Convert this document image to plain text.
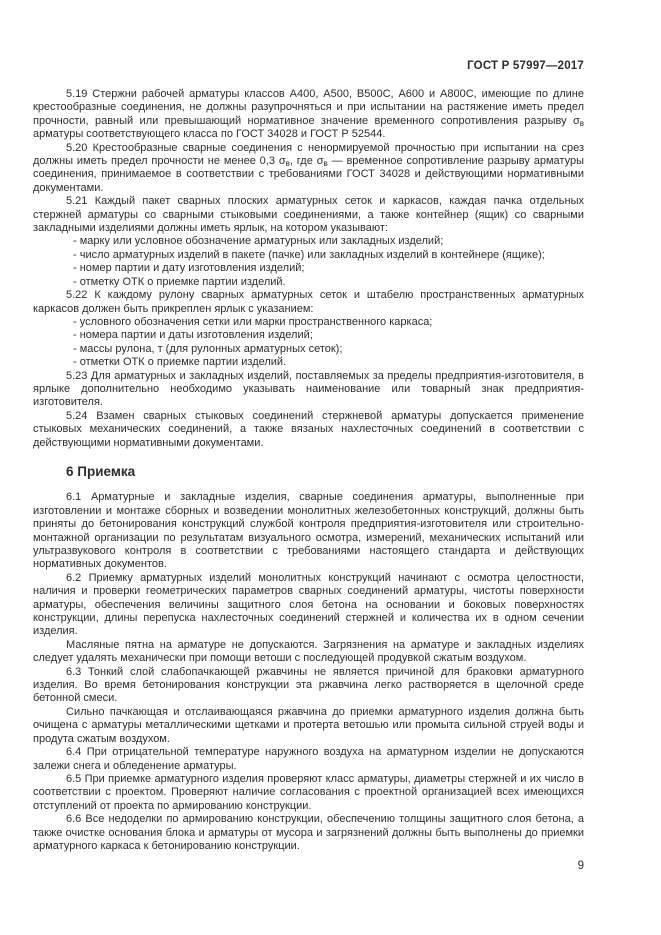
ГОСТ Р 57997—2017

5.19 Стержни рабочей арматуры классов А400, А500, В500С, А600 и А800С, имеющие по длине крестообразные соединения, не должны разупрочняться и при испытании на растяжение иметь предел прочности, равный или превышающий нормативное значение временного сопротивления разрыву $\sigma_в$ арматуры соответствующего класса по ГОСТ 34028 и ГОСТ Р 52544.

5.20 Крестообразные сварные соединения с ненормируемой прочностью при испытании на срез должны иметь предел прочности не менее 0,3 $\sigma_в$, где $\sigma_в$ — временное сопротивление разрыву арматуры соединения, принимаемое в соответствии с требованиями ГОСТ 34028 и действующими нормативными документами.

5.21 Каждый пакет сварных плоских арматурных сеток и каркасов, каждая пачка отдельных стержней арматуры со сварными стыковыми соединениями, а также контейнер (ящик) со сварными закладными изделиями должны иметь ярлык, на котором указывают:

- марку или условное обозначение арматурных или закладных изделий;

- число арматурных изделий в пакете (пачке) или закладных изделий в контейнере (ящике);

- номер партии и дату изготовления изделий;

- отметку ОТК о приемке партии изделий.

5.22 К каждому рулону сварных арматурных сеток и штабелю пространственных арматурных каркасов должен быть прикреплен ярлык с указанием:

- условного обозначения сетки или марки пространственного каркаса;

- номера партии и даты изготовления изделий;

- массы рулона, т (для рулонных арматурных сеток);

- отметки ОТК о приемке партии изделий.

5.23 Для арматурных и закладных изделий, поставляемых за пределы предприятия-изготовителя, в ярлыке дополнительно необходимо указывать наименование или товарный знак предприятия-изготовителя.

5.24 Взамен сварных стыковых соединений стержневой арматуры допускается применение стыковых механических соединений, а также вязаных нахлесточных соединений в соответствии с действующими нормативными документами.

6 Приемка

6.1 Арматурные и закладные изделия, сварные соединения арматуры, выполненные при изготовлении и монтаже сборных и возведении монолитных железобетонных конструкций, должны быть приняты до бетонирования конструкций службой контроля предприятия-изготовителя или строительно-монтажной организации по результатам визуального осмотра, измерений, механических испытаний или ультразвукового контроля в соответствии с требованиями настоящего стандарта и действующих нормативных документов.

6.2 Приемку арматурных изделий монолитных конструкций начинают с осмотра целостности, наличия и проверки геометрических параметров сварных соединений арматуры, чистоты поверхности арматуры, обеспечения величины защитного слоя бетона на основании и боковых поверхностях конструкции, длины перепуска нахлесточных соединений стержней и количества их в одном сечении изделия.

Масляные пятна на арматуре не допускаются. Загрязнения на арматуре и закладных изделиях следует удалять механически при помощи ветоши с последующей продувкой сжатым воздухом.

6.3 Тонкий слой слабопачкающей ржавчины не является причиной для браковки арматурного изделия. Во время бетонирования конструкции эта ржавчина легко растворяется в щелочной среде бетонной смеси.

Сильно пачкающая и отслаивающаяся ржавчина до приемки арматурного изделия должна быть очищена с арматуры металлическими щетками и протерта ветошью или промыта сильной струей воды и продута сжатым воздухом.

6.4 При отрицательной температуре наружного воздуха на арматурном изделии не допускаются залежи снега и обледенение арматуры.

6.5 При приемке арматурного изделия проверяют класс арматуры, диаметры стержней и их число в соответствии с проектом. Проверяют наличие согласования с проектной организацией всех имеющихся отступлений от проекта по армированию конструкции.

6.6 Все недоделки по армированию конструкции, обеспечению толщины защитного слоя бетона, а также очистке основания блока и арматуры от мусора и загрязнений должны быть выполнены до приемки арматурного каркаса к бетонированию конструкции.

9
